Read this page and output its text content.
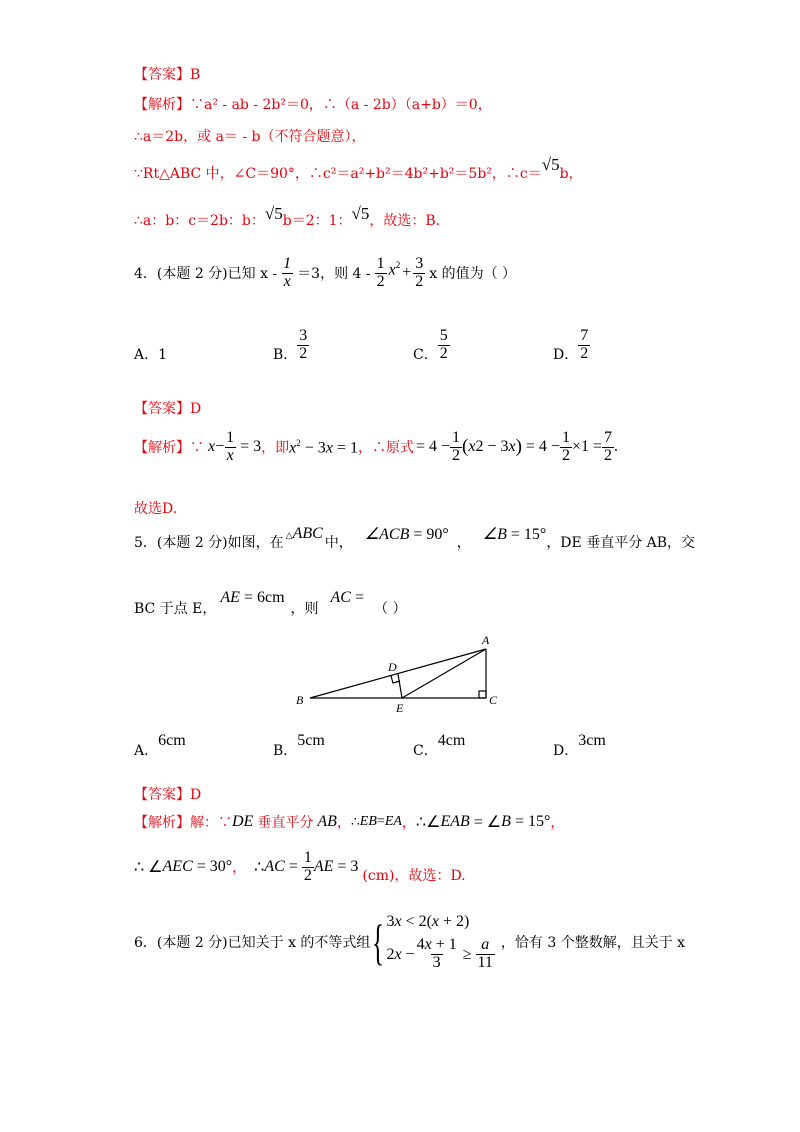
【答案】B
【解析】∵a² - ab - 2b²＝0，∴（a - 2b）（a+b）＝0，
∴a＝2b，或 a＝ - b（不符合题意），
∵Rt△ABC 中，∠C＝90°，∴c²＝a²+b²＝4b²+b²＝5b²，∴c＝√5b，
∴a：b：c＝2b：b：√5b＝2：1：√5，故选：B.
4．(本题 2 分)已知 $x - \frac{1}{x} =3$，则 $4 - \frac{1}{2} x^2 + \frac{3}{2}$ x 的值为（ ）
A．1	B． $\frac{3}{2}$	C． $\frac{5}{2}$	D． $\frac{7}{2}$
【答案】D
【解析】∵ $x - \frac{1}{x} = 3$ ，即 $x^2 - 3x = 1$ ，∴原式 = $4 - \frac{1}{2}$ ( x 2 − 3 x ) = $4 - \frac{1}{2} \times 1 = \frac{7}{2}$ .
故选D.
5．(本题 2 分)如图，在 △ABC
中， ∠ACB = 90° ， ∠B = 15° ，DE 垂直平分 AB，交
BC 于点 E，
AE = 6cm
，则
AC =
（ ）
A
B	C
D
E
A．6cm
B．5cm
C．4cm
D．3cm
【答案】D
【解析】解：∵ DE 垂直平分 AB ， ∴ EB = EA ， ∴∠ EAB = ∠ B = 15° ，
∴ ∠ AEC = 30° ， ∴ AC = $\frac{1}{2}$ AE = 3
(cm)，故选：D.
6．(本题 2 分)已知关于 x 的不等式组 { 3x < 2(x + 2)
2 $x - \frac{4x + 1}{3} \ge \frac{a}{11}$ ，恰有 3 个整数解，且关于 x
